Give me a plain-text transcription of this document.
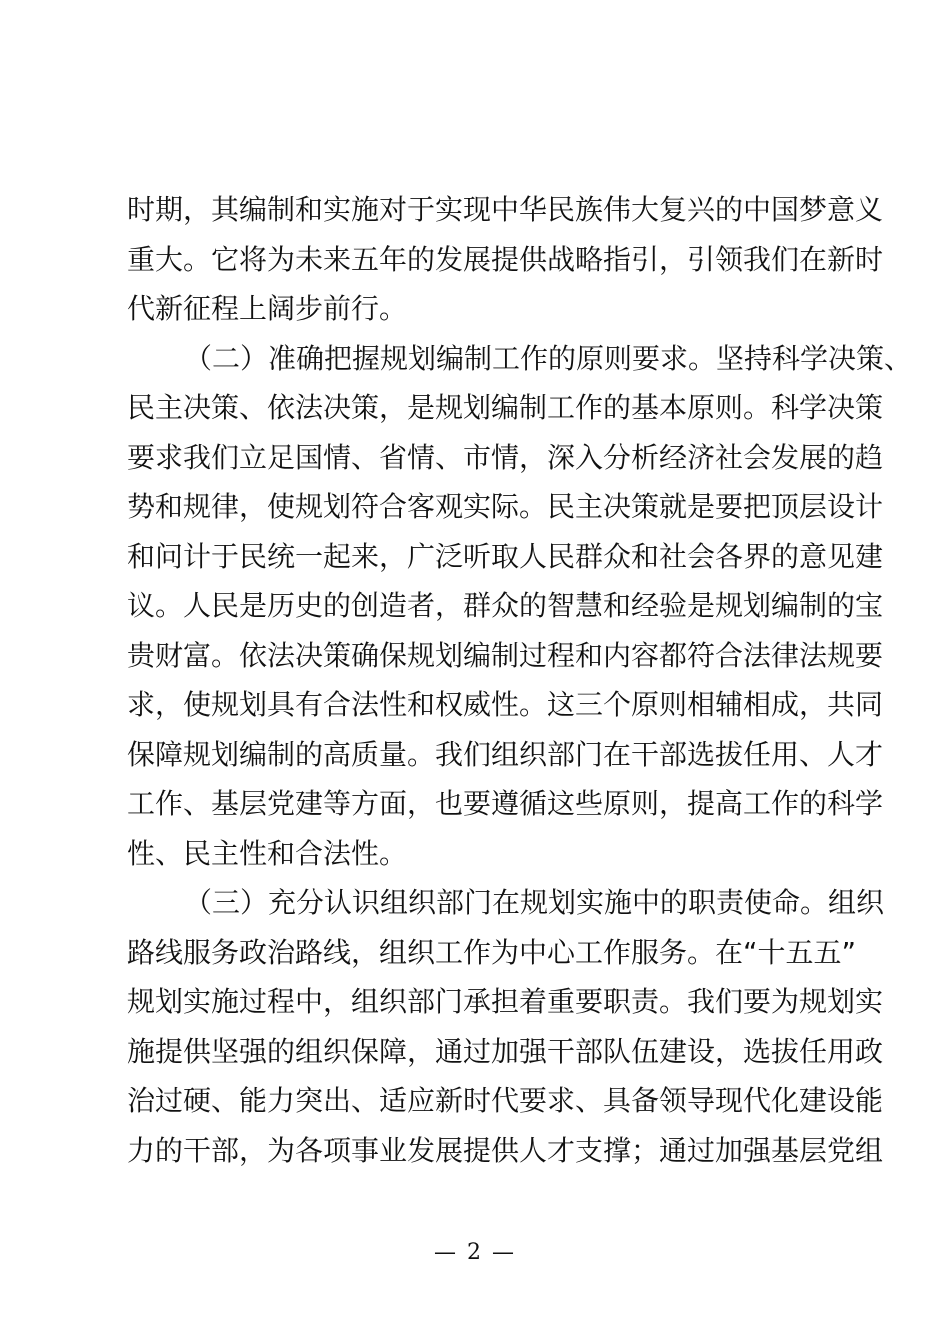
时期，其编制和实施对于实现中华民族伟大复兴的中国梦意义
重大。它将为未来五年的发展提供战略指引，引领我们在新时
代新征程上阔步前行。
（二）准确把握规划编制工作的原则要求。坚持科学决策、
民主决策、依法决策，是规划编制工作的基本原则。科学决策
要求我们立足国情、省情、市情，深入分析经济社会发展的趋
势和规律，使规划符合客观实际。民主决策就是要把顶层设计
和问计于民统一起来，广泛听取人民群众和社会各界的意见建
议。人民是历史的创造者，群众的智慧和经验是规划编制的宝
贵财富。依法决策确保规划编制过程和内容都符合法律法规要
求，使规划具有合法性和权威性。这三个原则相辅相成，共同
保障规划编制的高质量。我们组织部门在干部选拔任用、人才
工作、基层党建等方面，也要遵循这些原则，提高工作的科学
性、民主性和合法性。
（三）充分认识组织部门在规划实施中的职责使命。组织
路线服务政治路线，组织工作为中心工作服务。在“十五五”
规划实施过程中，组织部门承担着重要职责。我们要为规划实
施提供坚强的组织保障，通过加强干部队伍建设，选拔任用政
治过硬、能力突出、适应新时代要求、具备领导现代化建设能
力的干部，为各项事业发展提供人才支撑；通过加强基层党组
— 2 —
